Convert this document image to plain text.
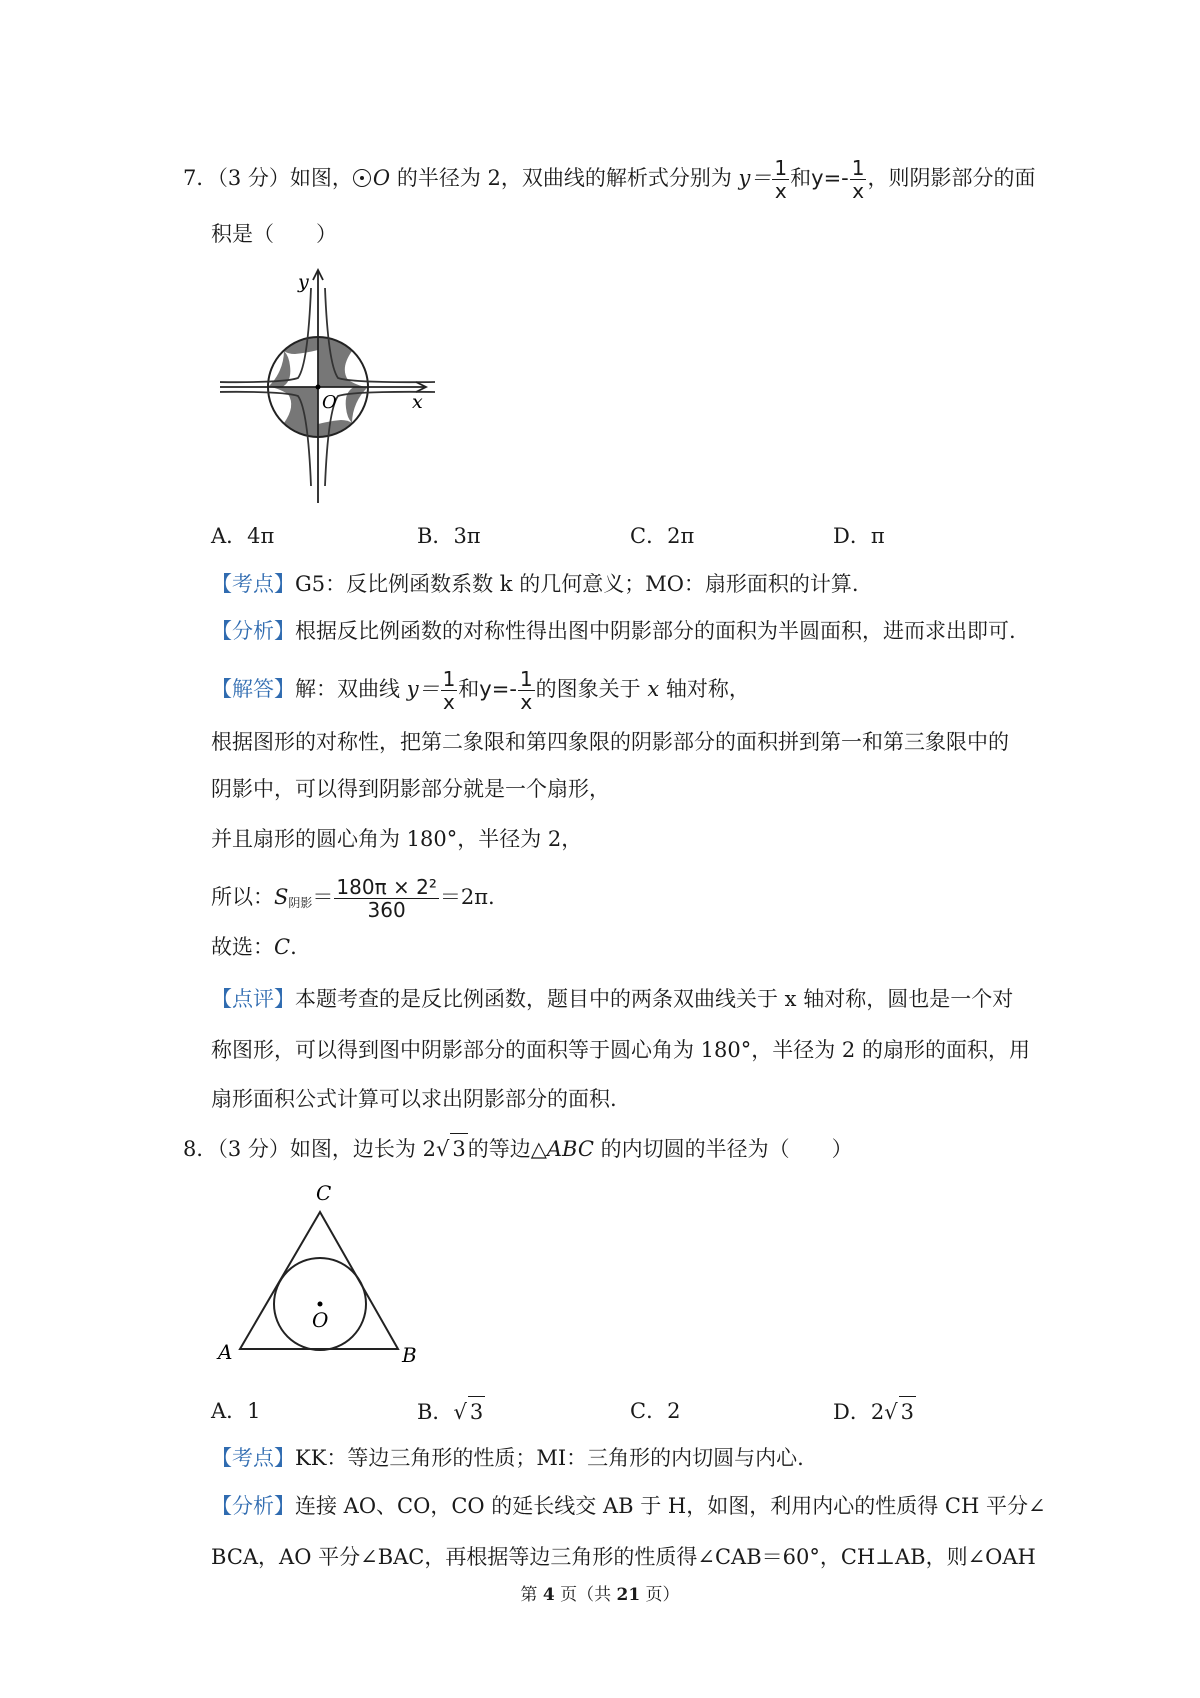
7．（3 分）如图， O 的半径为 2，双曲线的解析式分别为 $y= \frac{1}{x}$ 和$y=- \frac{1}{x}$ ，则阴影部分的面
积是（　　）
y
x
O
A．4π	B．3π	C．2π	D．π
【考点】G5：反比例函数系数 k 的几何意义；MO：扇形面积的计算.
【分析】根据反比例函数的对称性得出图中阴影部分的面积为半圆面积，进而求出即可.
【解答】解：双曲线 $y= \frac{1}{x}$ 和$y=- \frac{1}{x}$ 的图象关于 x 轴对称，
根据图形的对称性，把第二象限和第四象限的阴影部分的面积拼到第一和第三象限中的
阴影中，可以得到阴影部分就是一个扇形，
并且扇形的圆心角为 180°，半径为 2，
所以：$S_{阴影}= \frac{\text{180π × 2²}}{360} =2\pi$.
故选：C.
【点评】本题考查的是反比例函数，题目中的两条双曲线关于 x 轴对称，圆也是一个对
称图形，可以得到图中阴影部分的面积等于圆心角为 180°，半径为 2 的扇形的面积，用
扇形面积公式计算可以求出阴影部分的面积.
8．（3 分）如图，边长为 2√ 3的等边△ABC 的内切圆的半径为（　　）
C
A	B
O
A．1	B．√ 3	C．2	D．2√ 3
【考点】KK：等边三角形的性质；MI：三角形的内切圆与内心.
【分析】连接 AO、CO，CO 的延长线交 AB 于 H，如图，利用内心的性质得 CH 平分∠
BCA，AO 平分∠BAC，再根据等边三角形的性质得∠CAB＝60°，CH⊥AB，则∠OAH
第 4 页（共 21 页）
